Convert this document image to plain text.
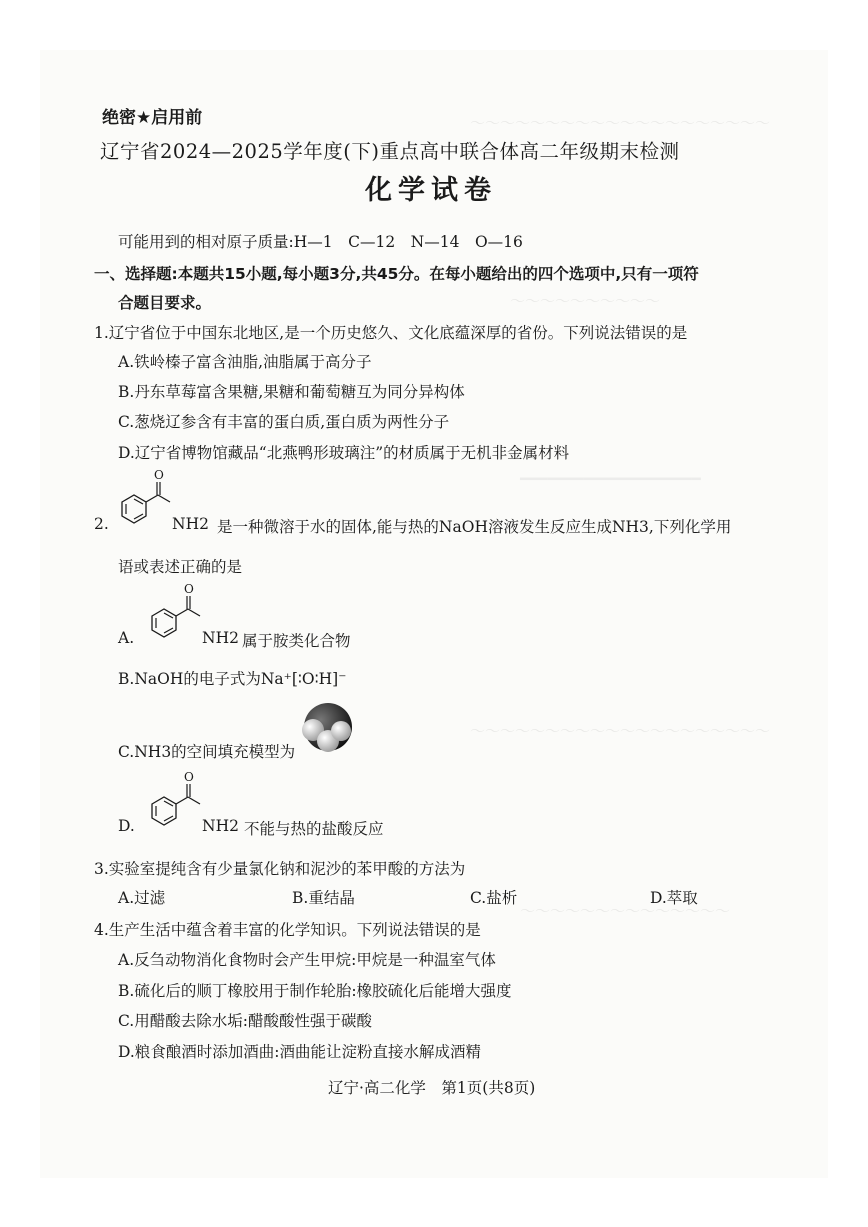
绝密★启用前
辽宁省2024—2025学年度(下)重点高中联合体高二年级期末检测
化学试卷
可能用到的相对原子质量:H—1　C—12　N—14　O—16
一、选择题:本题共15小题,每小题3分,共45分。在每小题给出的四个选项中,只有一项符
合题目要求。
1.辽宁省位于中国东北地区,是一个历史悠久、文化底蕴深厚的省份。下列说法错误的是
A.铁岭榛子富含油脂,油脂属于高分子
B.丹东草莓富含果糖,果糖和葡萄糖互为同分异构体
C.葱烧辽参含有丰富的蛋白质,蛋白质为两性分子
D.辽宁省博物馆藏品“北燕鸭形玻璃注”的材质属于无机非金属材料
2.
O
NH2 是一种微溶于水的固体,能与热的NaOH溶液发生反应生成NH3,下列化学用
语或表述正确的是
A.
O
NH2 属于胺类化合物
B.NaOH的电子式为Na⁺[∶O∶H]⁻
C.NH3的空间填充模型为
D.
O
NH2 不能与热的盐酸反应
3.实验室提纯含有少量氯化钠和泥沙的苯甲酸的方法为
A.过滤	B.重结晶	C.盐析	D.萃取
4.生产生活中蕴含着丰富的化学知识。下列说法错误的是
A.反刍动物消化食物时会产生甲烷:甲烷是一种温室气体
B.硫化后的顺丁橡胶用于制作轮胎:橡胶硫化后能增大强度
C.用醋酸去除水垢:醋酸酸性强于碳酸
D.粮食酿酒时添加酒曲:酒曲能让淀粉直接水解成酒精
辽宁·高二化学　第1页(共8页)
